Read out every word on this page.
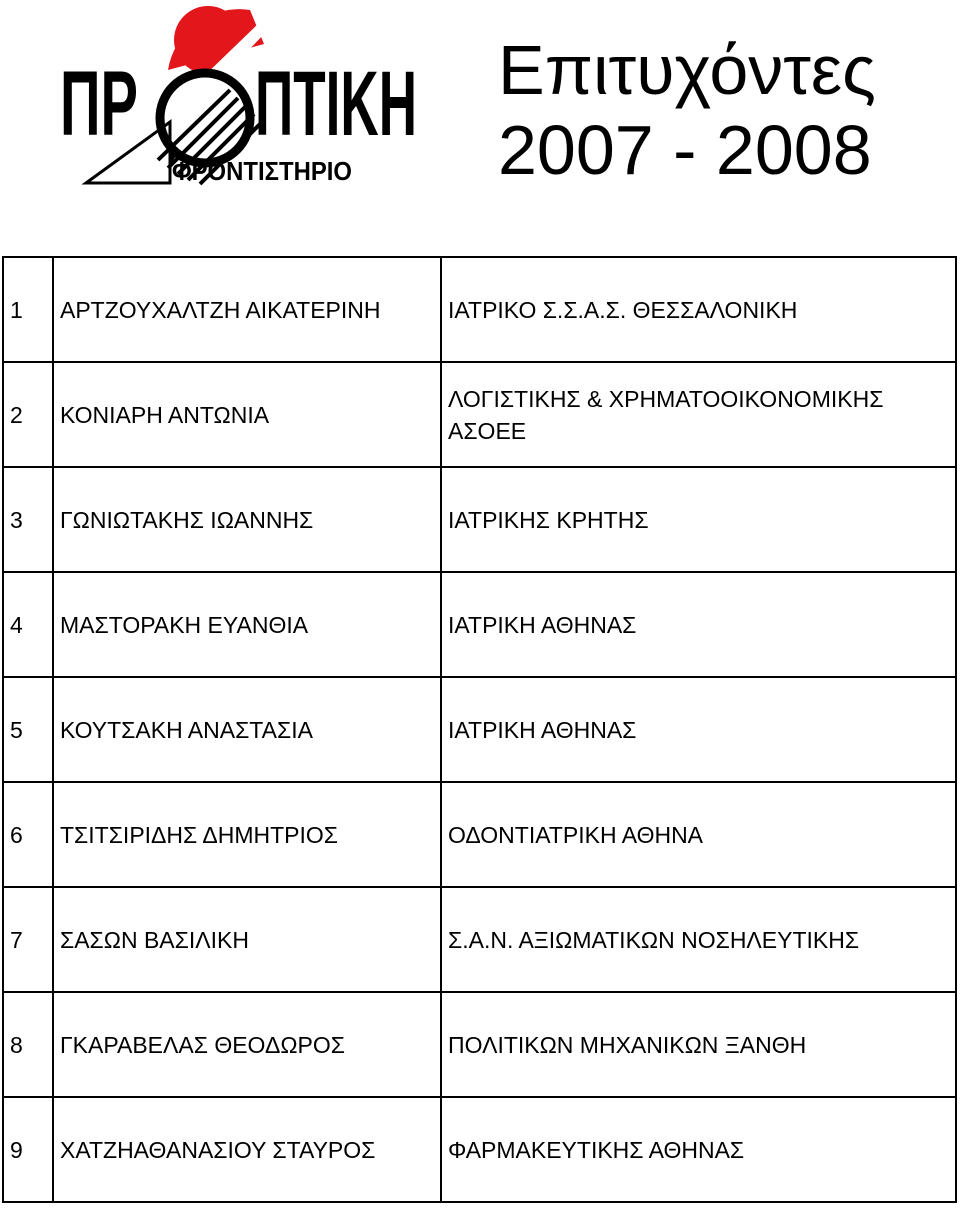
ΠΡ ΠΤΙΚΗ
ΦΡΟΝΤΙΣΤΗΡΙΟ
Επιτυχόντες
2007 - 2008
1	ΑΡΤΖΟΥΧΑΛΤΖΗ ΑΙΚΑΤΕΡΙΝΗ	ΙΑΤΡΙΚΟ Σ.Σ.Α.Σ. ΘΕΣΣΑΛΟΝΙΚΗ
2	ΚΟΝΙΑΡΗ ΑΝΤΩΝΙΑ	ΛΟΓΙΣΤΙΚΗΣ & ΧΡΗΜΑΤΟΟΙΚΟΝΟΜΙΚΗΣ ΑΣΟΕΕ
3	ΓΩΝΙΩΤΑΚΗΣ ΙΩΑΝΝΗΣ	ΙΑΤΡΙΚΗΣ ΚΡΗΤΗΣ
4	ΜΑΣΤΟΡΑΚΗ ΕΥΑΝΘΙΑ	ΙΑΤΡΙΚΗ ΑΘΗΝΑΣ
5	ΚΟΥΤΣΑΚΗ ΑΝΑΣΤΑΣΙΑ	ΙΑΤΡΙΚΗ ΑΘΗΝΑΣ
6	ΤΣΙΤΣΙΡΙΔΗΣ ΔΗΜΗΤΡΙΟΣ	ΟΔΟΝΤΙΑΤΡΙΚΗ ΑΘΗΝΑ
7	ΣΑΣΩΝ ΒΑΣΙΛΙΚΗ	Σ.Α.Ν. ΑΞΙΩΜΑΤΙΚΩΝ ΝΟΣΗΛΕΥΤΙΚΗΣ
8	ΓΚΑΡΑΒΕΛΑΣ ΘΕΟΔΩΡΟΣ	ΠΟΛΙΤΙΚΩΝ ΜΗΧΑΝΙΚΩΝ ΞΑΝΘΗ
9	ΧΑΤΖΗΑΘΑΝΑΣΙΟΥ ΣΤΑΥΡΟΣ	ΦΑΡΜΑΚΕΥΤΙΚΗΣ ΑΘΗΝΑΣ
